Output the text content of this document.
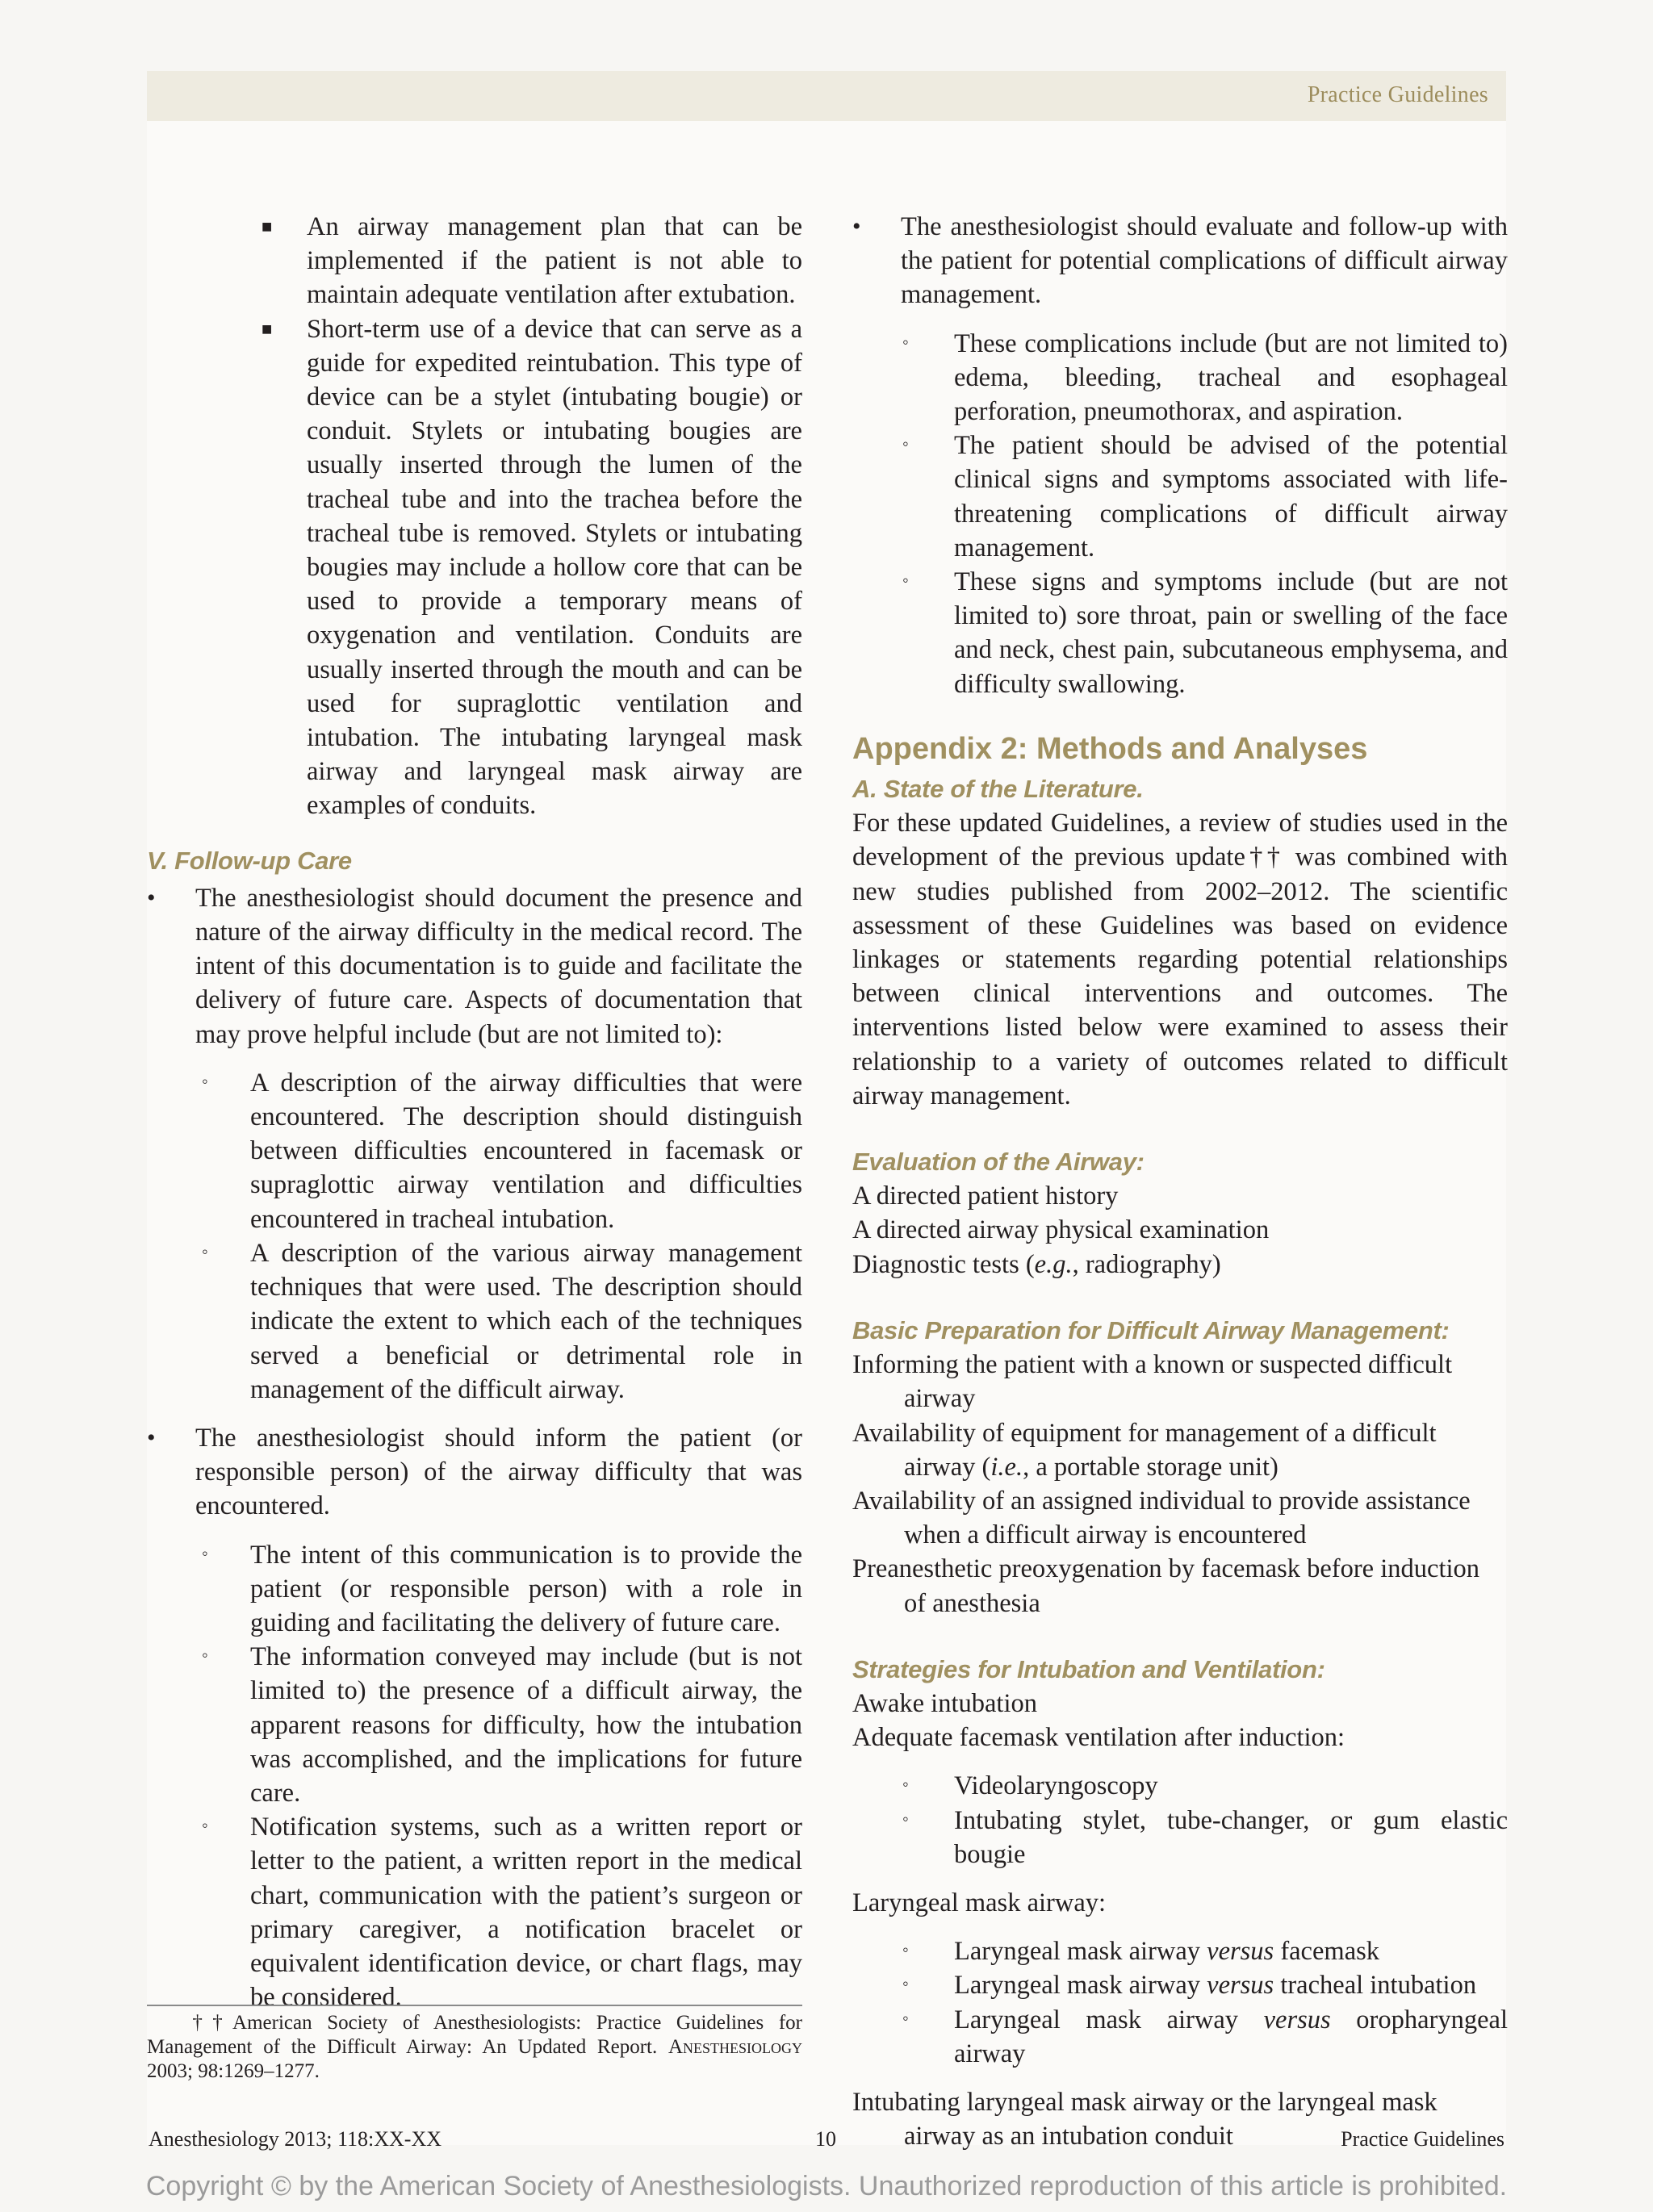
Practice Guidelines
■ An airway management plan that can be implemented if the patient is not able to maintain adequate ventilation after extubation.
■ Short-term use of a device that can serve as a guide for expedited reintubation. This type of device can be a stylet (intubating bougie) or conduit. Stylets or intubating bougies are usually inserted through the lumen of the tracheal tube and into the trachea before the tracheal tube is removed. Stylets or intubating bougies may include a hollow core that can be used to provide a temporary means of oxygenation and ventilation. Conduits are usually inserted through the mouth and can be used for supraglottic ventilation and intubation. The intubating laryngeal mask airway and laryngeal mask airway are examples of conduits.
V. Follow-up Care
• The anesthesiologist should document the presence and nature of the airway difficulty in the medical record. The intent of this documentation is to guide and facilitate the delivery of future care. Aspects of documentation that may prove helpful include (but are not limited to):
◦ A description of the airway difficulties that were encountered. The description should distinguish between difficulties encountered in facemask or supraglottic airway ventilation and difficulties encountered in tracheal intubation.
◦ A description of the various airway management techniques that were used. The description should indicate the extent to which each of the techniques served a beneficial or detrimental role in management of the difficult airway.
• The anesthesiologist should inform the patient (or responsible person) of the airway difficulty that was encountered.
◦ The intent of this communication is to provide the patient (or responsible person) with a role in guiding and facilitating the delivery of future care.
◦ The information conveyed may include (but is not limited to) the presence of a difficult airway, the apparent reasons for difficulty, how the intubation was accomplished, and the implications for future care.
◦ Notification systems, such as a written report or letter to the patient, a written report in the medical chart, communication with the patient’s surgeon or primary caregiver, a notification bracelet or equivalent identification device, or chart flags, may be considered.
††American Society of Anesthesiologists: Practice Guidelines for Management of the Difficult Airway: An Updated Report. Anesthesiology 2003; 98:1269–1277.
• The anesthesiologist should evaluate and follow-up with the patient for potential complications of difficult airway management.
◦ These complications include (but are not limited to) edema, bleeding, tracheal and esophageal perforation, pneumothorax, and aspiration.
◦ The patient should be advised of the potential clinical signs and symptoms associated with life-threatening complications of difficult airway management.
◦ These signs and symptoms include (but are not limited to) sore throat, pain or swelling of the face and neck, chest pain, subcutaneous emphysema, and difficulty swallowing.
Appendix 2: Methods and Analyses
A. State of the Literature.

For these updated Guidelines, a review of studies used in the development of the previous update†† was combined with new studies published from 2002–2012. The scientific assessment of these Guidelines was based on evidence linkages or statements regarding potential relationships between clinical interventions and outcomes. The interventions listed below were examined to assess their relationship to a variety of outcomes related to difficult airway management.

Evaluation of the Airway:

A directed patient history

A directed airway physical examination

Diagnostic tests (e.g., radiography)

Basic Preparation for Difficult Airway Management:

Informing the patient with a known or suspected difficult airway

Availability of equipment for management of a difficult airway (i.e., a portable storage unit)

Availability of an assigned individual to provide assistance when a difficult airway is encountered

Preanesthetic preoxygenation by facemask before induction of anesthesia

Strategies for Intubation and Ventilation:

Awake intubation

Adequate facemask ventilation after induction:

◦ Videolaryngoscopy
◦ Intubating stylet, tube-changer, or gum elastic bougie

Laryngeal mask airway:

◦ Laryngeal mask airway versus facemask
◦ Laryngeal mask airway versus tracheal intubation
◦ Laryngeal mask airway versus oropharyngeal airway

Intubating laryngeal mask airway or the laryngeal mask airway as an intubation conduit

Anesthesiology 2013; 118:XX-XX	10	Practice Guidelines
Copyright © by the American Society of Anesthesiologists. Unauthorized reproduction of this article is prohibited.
